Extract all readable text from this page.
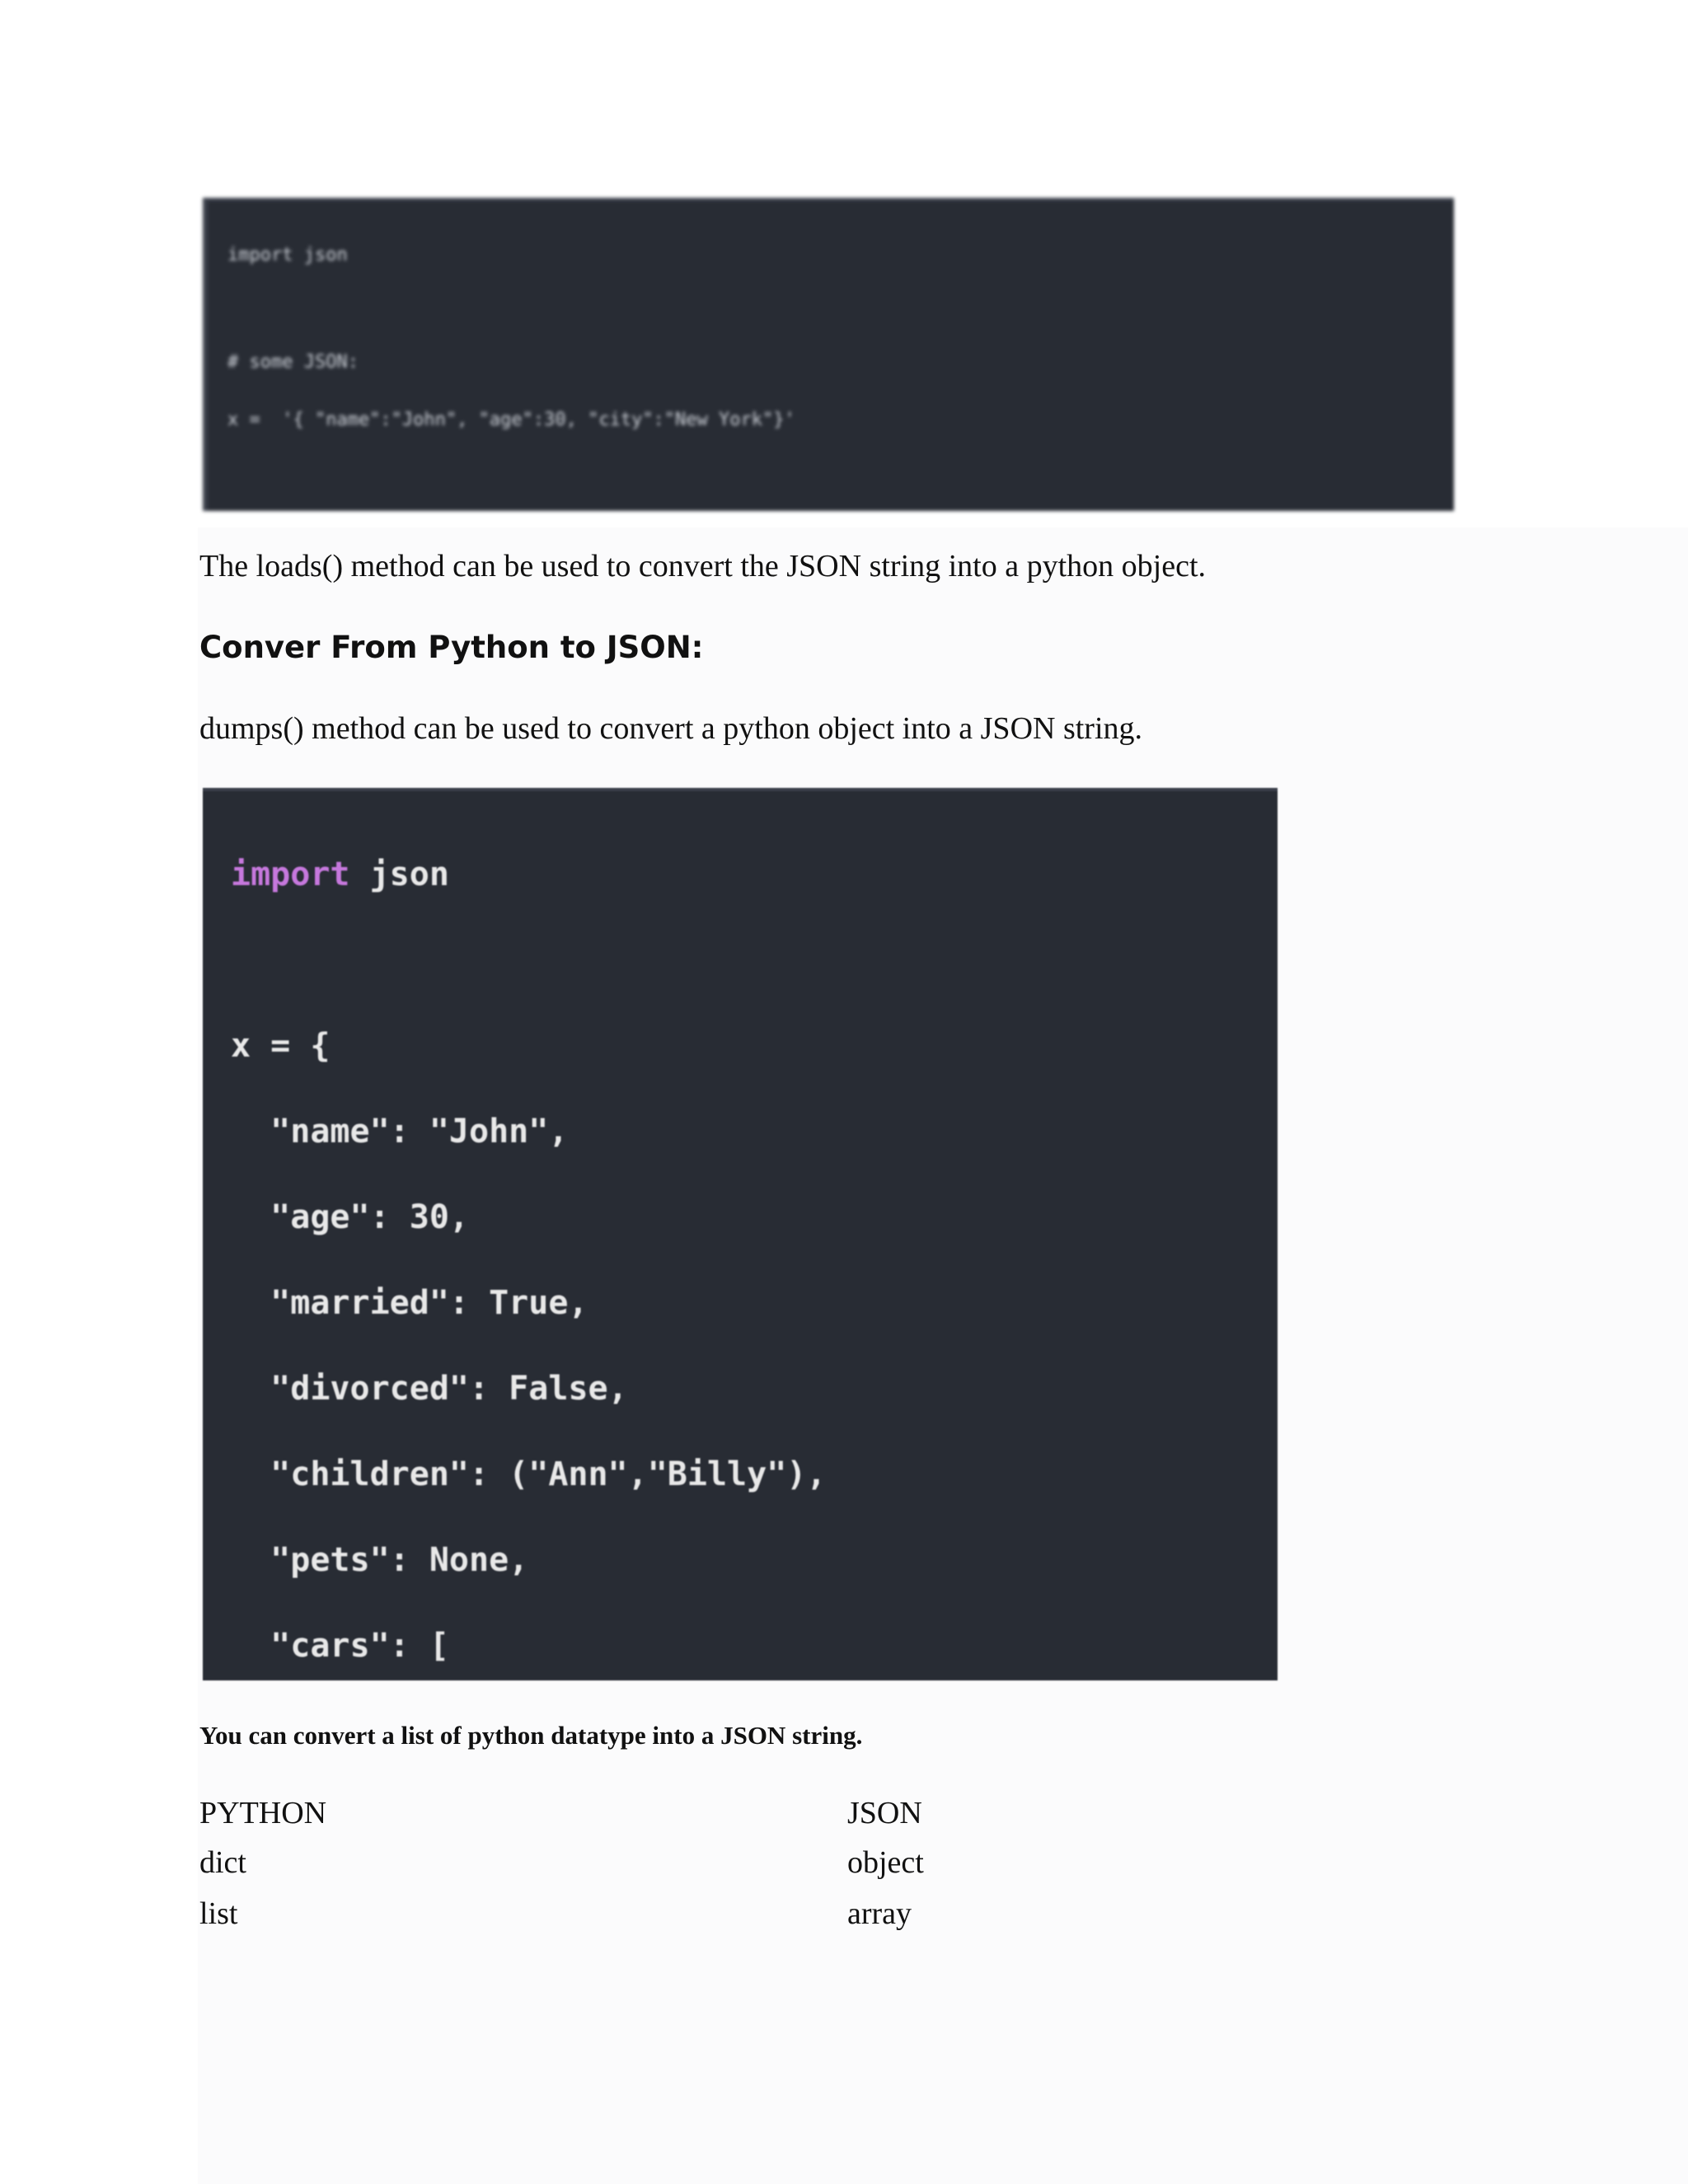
import json

# some JSON:

x =  '{ "name":"John", "age":30, "city":"New York"}'

The loads() method can be used to convert the JSON string into a python object.

Conver From Python to JSON:

dumps() method can be used to convert a python object into a JSON string.

import json

x = {

"name": "John",

"age": 30,

"married": True,

"divorced": False,

"children": ("Ann","Billy"),

"pets": None,

"cars": [

You can convert a list of python datatype into a JSON string.

PYTHON	JSON

dict	object

list	array
